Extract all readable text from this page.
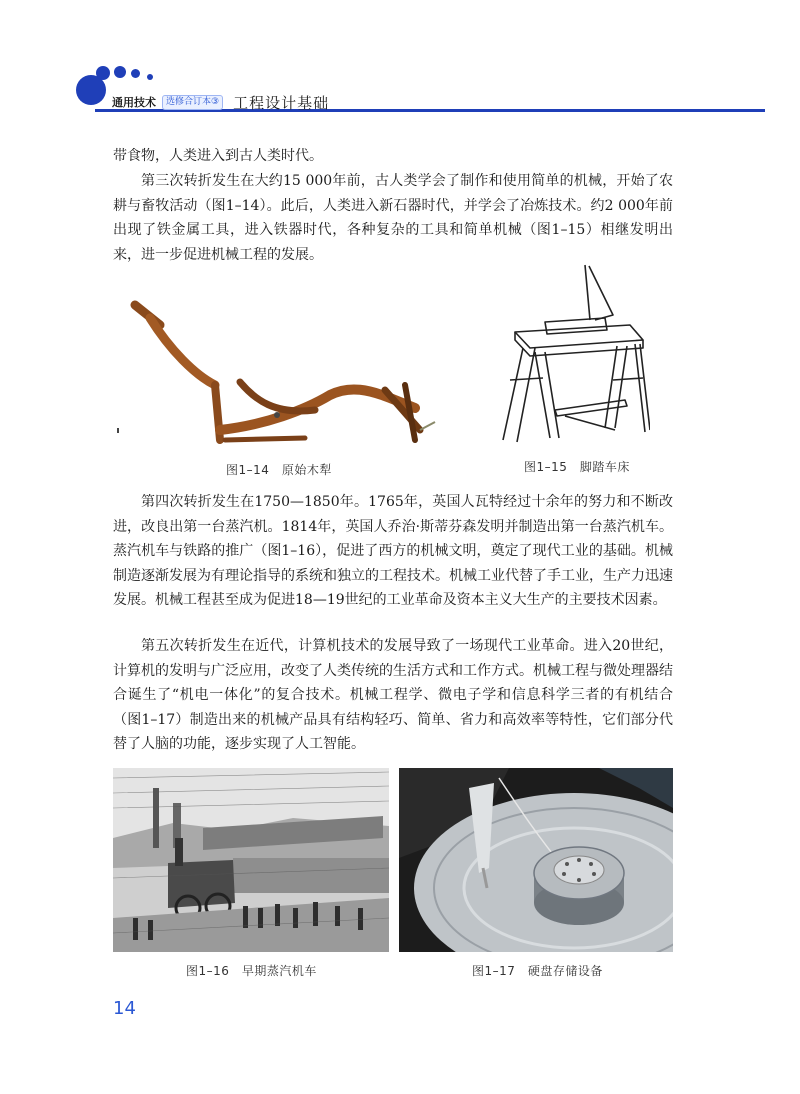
通用技术	选修合订本③ 工程设计基础

带食物，人类进入到古人类时代。

第三次转折发生在大约15 000年前，古人类学会了制作和使用简单的机械，开始了农耕与畜牧活动（图1–14）。此后，人类进入新石器时代，并学会了冶炼技术。约2 000年前出现了铁金属工具，进入铁器时代，各种复杂的工具和简单机械（图1–15）相继发明出来，进一步促进机械工程的发展。

图1–14　原始木犁	图1–15　脚踏车床

第四次转折发生在1750—1850年。1765年，英国人瓦特经过十余年的努力和不断改进，改良出第一台蒸汽机。1814年，英国人乔治·斯蒂芬森发明并制造出第一台蒸汽机车。蒸汽机车与铁路的推广（图1–16），促进了西方的机械文明，奠定了现代工业的基础。机械制造逐渐发展为有理论指导的系统和独立的工程技术。机械工业代替了手工业，生产力迅速发展。机械工程甚至成为促进18—19世纪的工业革命及资本主义大生产的主要技术因素。

第五次转折发生在近代，计算机技术的发展导致了一场现代工业革命。进入20世纪，计算机的发明与广泛应用，改变了人类传统的生活方式和工作方式。机械工程与微处理器结合诞生了“机电一体化”的复合技术。机械工程学、微电子学和信息科学三者的有机结合（图1–17）制造出来的机械产品具有结构轻巧、简单、省力和高效率等特性，它们部分代替了人脑的功能，逐步实现了人工智能。

图1–16　早期蒸汽机车	图1–17　硬盘存储设备
14
